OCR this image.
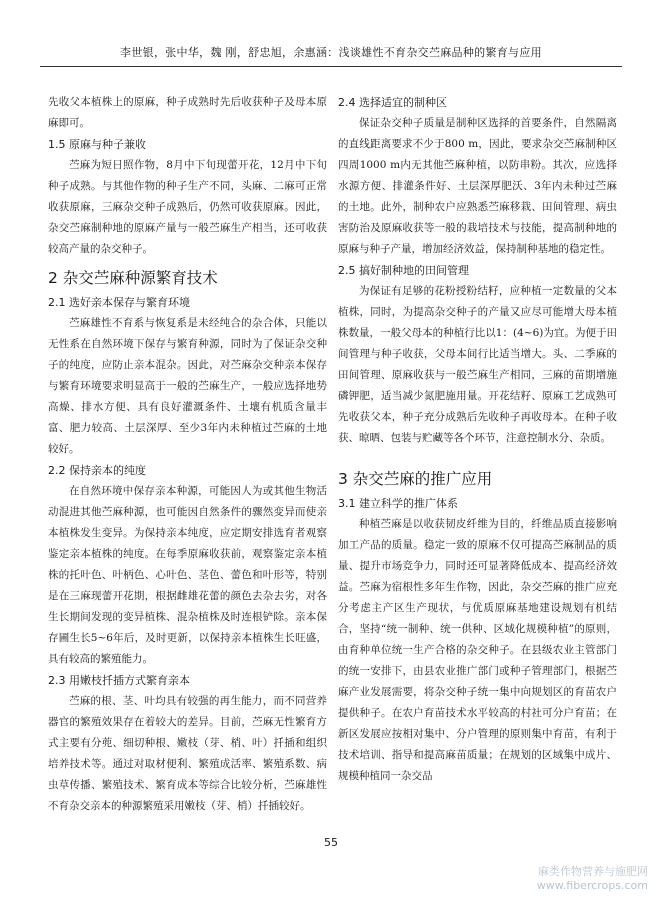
李世银，张中华，魏 刚，舒忠旭，余惠涵：浅谈雄性不育杂交苎麻品种的繁育与应用

先收父本植株上的原麻，种子成熟时先后收获种子及母本原麻即可。

1.5 原麻与种子兼收

苎麻为短日照作物，8月中下旬现蕾开花，12月中下旬种子成熟。与其他作物的种子生产不同，头麻、二麻可正常收获原麻，三麻杂交种子成熟后，仍然可收获原麻。因此，杂交苎麻制种地的原麻产量与一般苎麻生产相当，还可收获较高产量的杂交种子。

2 杂交苎麻种源繁育技术
2.1 选好亲本保存与繁育环境

苎麻雄性不育系与恢复系是未经纯合的杂合体，只能以无性系在自然环境下保存与繁育种源，同时为了保证杂交种子的纯度，应防止亲本混杂。因此，对苎麻杂交种亲本保存与繁育环境要求明显高于一般的苎麻生产，一般应选择地势高燥、排水方便、具有良好灌溉条件、土壤有机质含量丰富、肥力较高、土层深厚、至少3年内未种植过苎麻的土地较好。

2.2 保持亲本的纯度

在自然环境中保存亲本种源，可能因人为或其他生物活动混进其他苎麻种源，也可能因自然条件的骤然变异而使亲本植株发生变异。为保持亲本纯度，应定期安排选育者观察鉴定亲本植株的纯度。在每季原麻收获前，观察鉴定亲本植株的托叶色、叶柄色、心叶色、茎色、蕾色和叶形等，特别是在三麻现蕾开花期，根据雌雄花蕾的颜色去杂去劣，对各生长期间发现的变异植株、混杂植株及时连根铲除。亲本保存圃生长5~6年后，及时更新，以保持亲本植株生长旺盛，具有较高的繁殖能力。

2.3 用嫩枝扦插方式繁育亲本

苎麻的根、茎、叶均具有较强的再生能力，而不同营养器官的繁殖效果存在着较大的差异。目前，苎麻无性繁育方式主要有分蔸、细切种根、嫩枝（芽、梢、叶）扦插和组织培养技术等。通过对取材便利、繁殖成活率、繁殖系数、病虫草传播、繁殖技术、繁育成本等综合比较分析，苎麻雄性不育杂交亲本的种源繁殖采用嫩枝（芽、梢）扦插较好。

2.4 选择适宜的制种区

保证杂交种子质量是制种区选择的首要条件，自然隔离的直线距离要求不少于800 m，因此，要求杂交苎麻制种区四周1000 m内无其他苎麻种植，以防串粉。其次，应选择水源方便、排灌条件好、土层深厚肥沃、3年内未种过苎麻的土地。此外，制种农户应熟悉苎麻移栽、田间管理、病虫害防治及原麻收获等一般的栽培技术与技能，提高制种地的原麻与种子产量，增加经济效益，保持制种基地的稳定性。

2.5 搞好制种地的田间管理

为保证有足够的花粉授粉结籽，应种植一定数量的父本植株，同时，为提高杂交种子的产量又应尽可能增大母本植株数量，一般父母本的种植行比以1：(4~6)为宜。为便于田间管理与种子收获，父母本间行比适当增大。头、二季麻的田间管理、原麻收获与一般苎麻生产相同，三麻的苗期增施磷钾肥，适当减少氮肥施用量。开花结籽、原麻工艺成熟可先收获父本，种子充分成熟后先收种子再收母本。在种子收获、晾晒、包装与贮藏等各个环节，注意控制水分、杂质。

3 杂交苎麻的推广应用
3.1 建立科学的推广体系

种植苎麻是以收获韧皮纤维为目的，纤维品质直接影响加工产品的质量。稳定一致的原麻不仅可提高苎麻制品的质量、提升市场竞争力，同时还可显著降低成本、提高经济效益。苎麻为宿根性多年生作物，因此，杂交苎麻的推广应充分考虑主产区生产现状，与优质原麻基地建设规划有机结合，坚持“统一制种、统一供种、区域化规模种植”的原则，由育种单位统一生产合格的杂交种子。在县级农业主管部门的统一安排下，由县农业推广部门或种子管理部门，根据苎麻产业发展需要，将杂交种子统一集中向规划区的育苗农户提供种子。在农户育苗技术水平较高的村社可分户育苗；在新区发展应按相对集中、分户管理的原则集中育苗，有利于技术培训、指导和提高麻苗质量；在规划的区域集中成片、规模种植同一杂交品

55
麻类作物营养与施肥网
www.fibercrops.com
